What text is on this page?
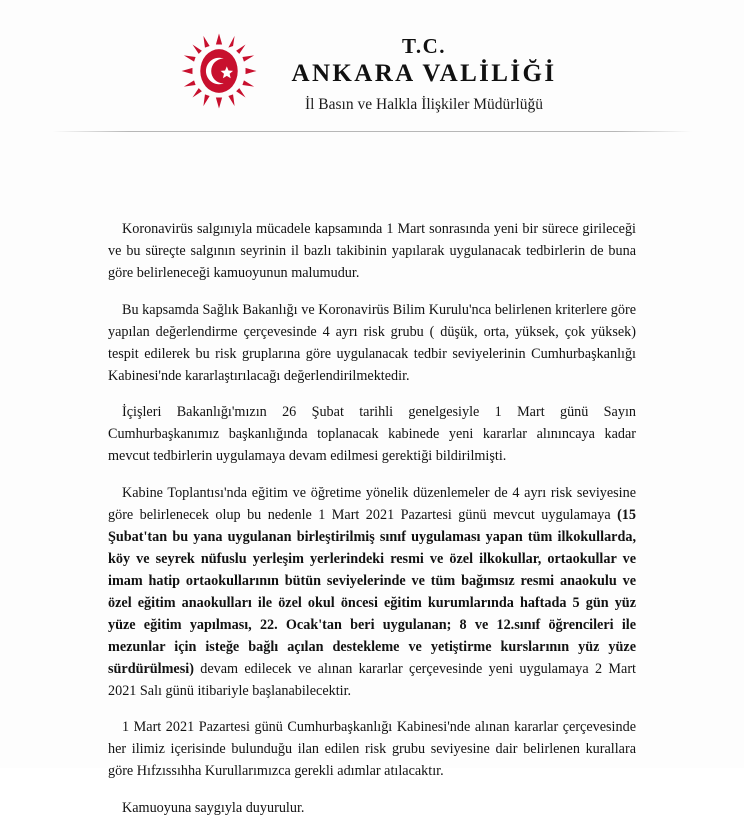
T.C.
ANKARA VALİLİĞİ
İl Basın ve Halkla İlişkiler Müdürlüğü

Koronavirüs salgınıyla mücadele kapsamında 1 Mart sonrasında yeni bir sürece girileceği ve bu süreçte salgının seyrinin il bazlı takibinin yapılarak uygulanacak tedbirlerin de buna göre belirleneceği kamuoyunun malumudur.

Bu kapsamda Sağlık Bakanlığı ve Koronavirüs Bilim Kurulu'nca belirlenen kriterlere göre yapılan değerlendirme çerçevesinde 4 ayrı risk grubu ( düşük, orta, yüksek, çok yüksek) tespit edilerek bu risk gruplarına göre uygulanacak tedbir seviyelerinin Cumhurbaşkanlığı Kabinesi'nde kararlaştırılacağı değerlendirilmektedir.

İçişleri Bakanlığı'mızın 26 Şubat tarihli genelgesiyle 1 Mart günü Sayın Cumhurbaşkanımız başkanlığında toplanacak kabinede yeni kararlar alınıncaya kadar mevcut tedbirlerin uygulamaya devam edilmesi gerektiği bildirilmişti.

Kabine Toplantısı'nda eğitim ve öğretime yönelik düzenlemeler de 4 ayrı risk seviyesine göre belirlenecek olup bu nedenle 1 Mart 2021 Pazartesi günü mevcut uygulamaya (15 Şubat'tan bu yana uygulanan birleştirilmiş sınıf uygulaması yapan tüm ilkokullarda, köy ve seyrek nüfuslu yerleşim yerlerindeki resmi ve özel ilkokullar, ortaokullar ve imam hatip ortaokullarının bütün seviyelerinde ve tüm bağımsız resmi anaokulu ve özel eğitim anaokulları ile özel okul öncesi eğitim kurumlarında haftada 5 gün yüz yüze eğitim yapılması, 22. Ocak'tan beri uygulanan; 8 ve 12.sınıf öğrencileri ile mezunlar için isteğe bağlı açılan destekleme ve yetiştirme kurslarının yüz yüze sürdürülmesi) devam edilecek ve alınan kararlar çerçevesinde yeni uygulamaya 2 Mart 2021 Salı günü itibariyle başlanabilecektir.

1 Mart 2021 Pazartesi günü Cumhurbaşkanlığı Kabinesi'nde alınan kararlar çerçevesinde her ilimiz içerisinde bulunduğu ilan edilen risk grubu seviyesine dair belirlenen kurallara göre Hıfzıssıhha Kurullarımızca gerekli adımlar atılacaktır.

Kamuoyuna saygıyla duyurulur.
